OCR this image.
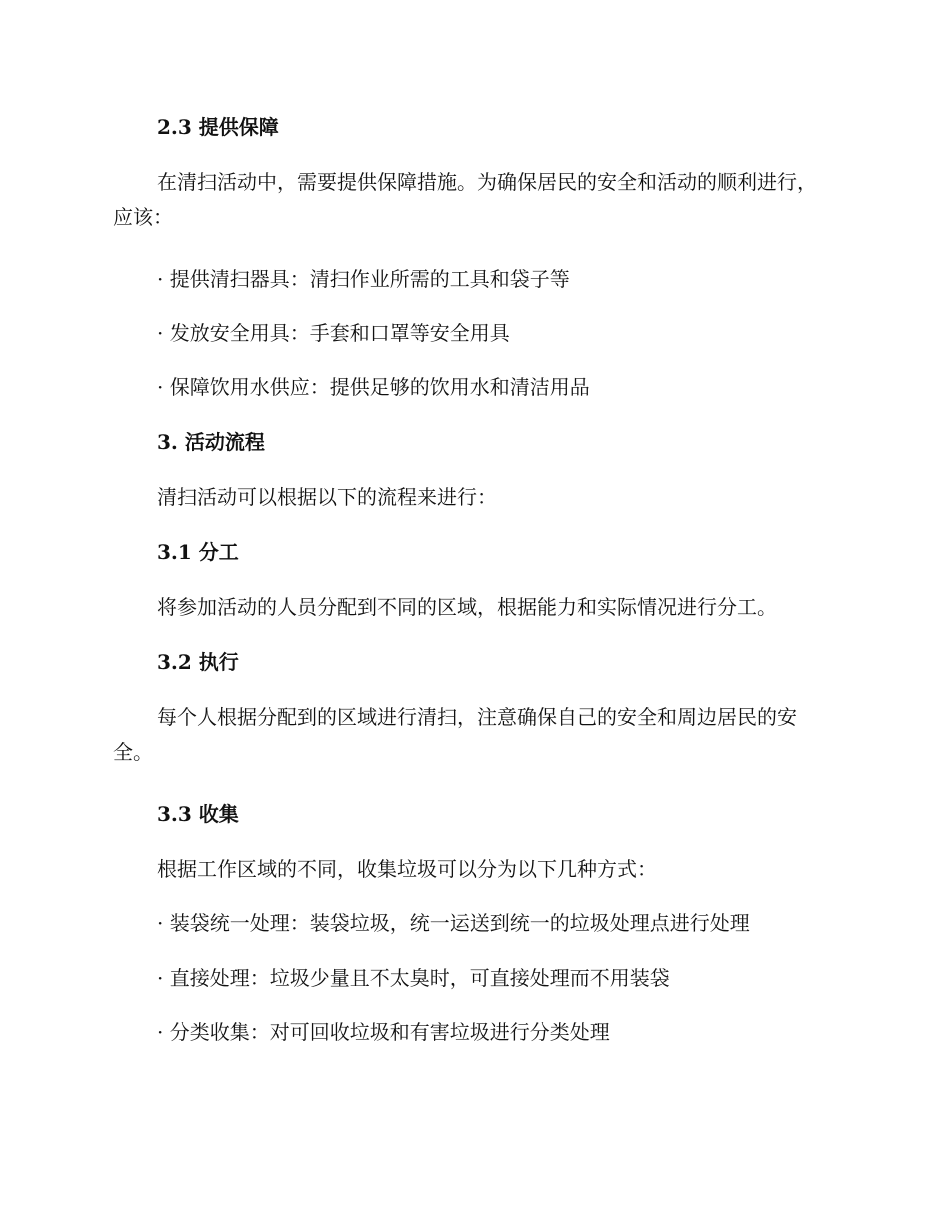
2.3 提供保障

在清扫活动中，需要提供保障措施。为确保居民的安全和活动的顺利进行，应该：

· 提供清扫器具：清扫作业所需的工具和袋子等

· 发放安全用具：手套和口罩等安全用具

· 保障饮用水供应：提供足够的饮用水和清洁用品

3. 活动流程

清扫活动可以根据以下的流程来进行：

3.1 分工

将参加活动的人员分配到不同的区域，根据能力和实际情况进行分工。

3.2 执行

每个人根据分配到的区域进行清扫，注意确保自己的安全和周边居民的安全。

3.3 收集

根据工作区域的不同，收集垃圾可以分为以下几种方式：

· 装袋统一处理：装袋垃圾，统一运送到统一的垃圾处理点进行处理

· 直接处理：垃圾少量且不太臭时，可直接处理而不用装袋

· 分类收集：对可回收垃圾和有害垃圾进行分类处理
